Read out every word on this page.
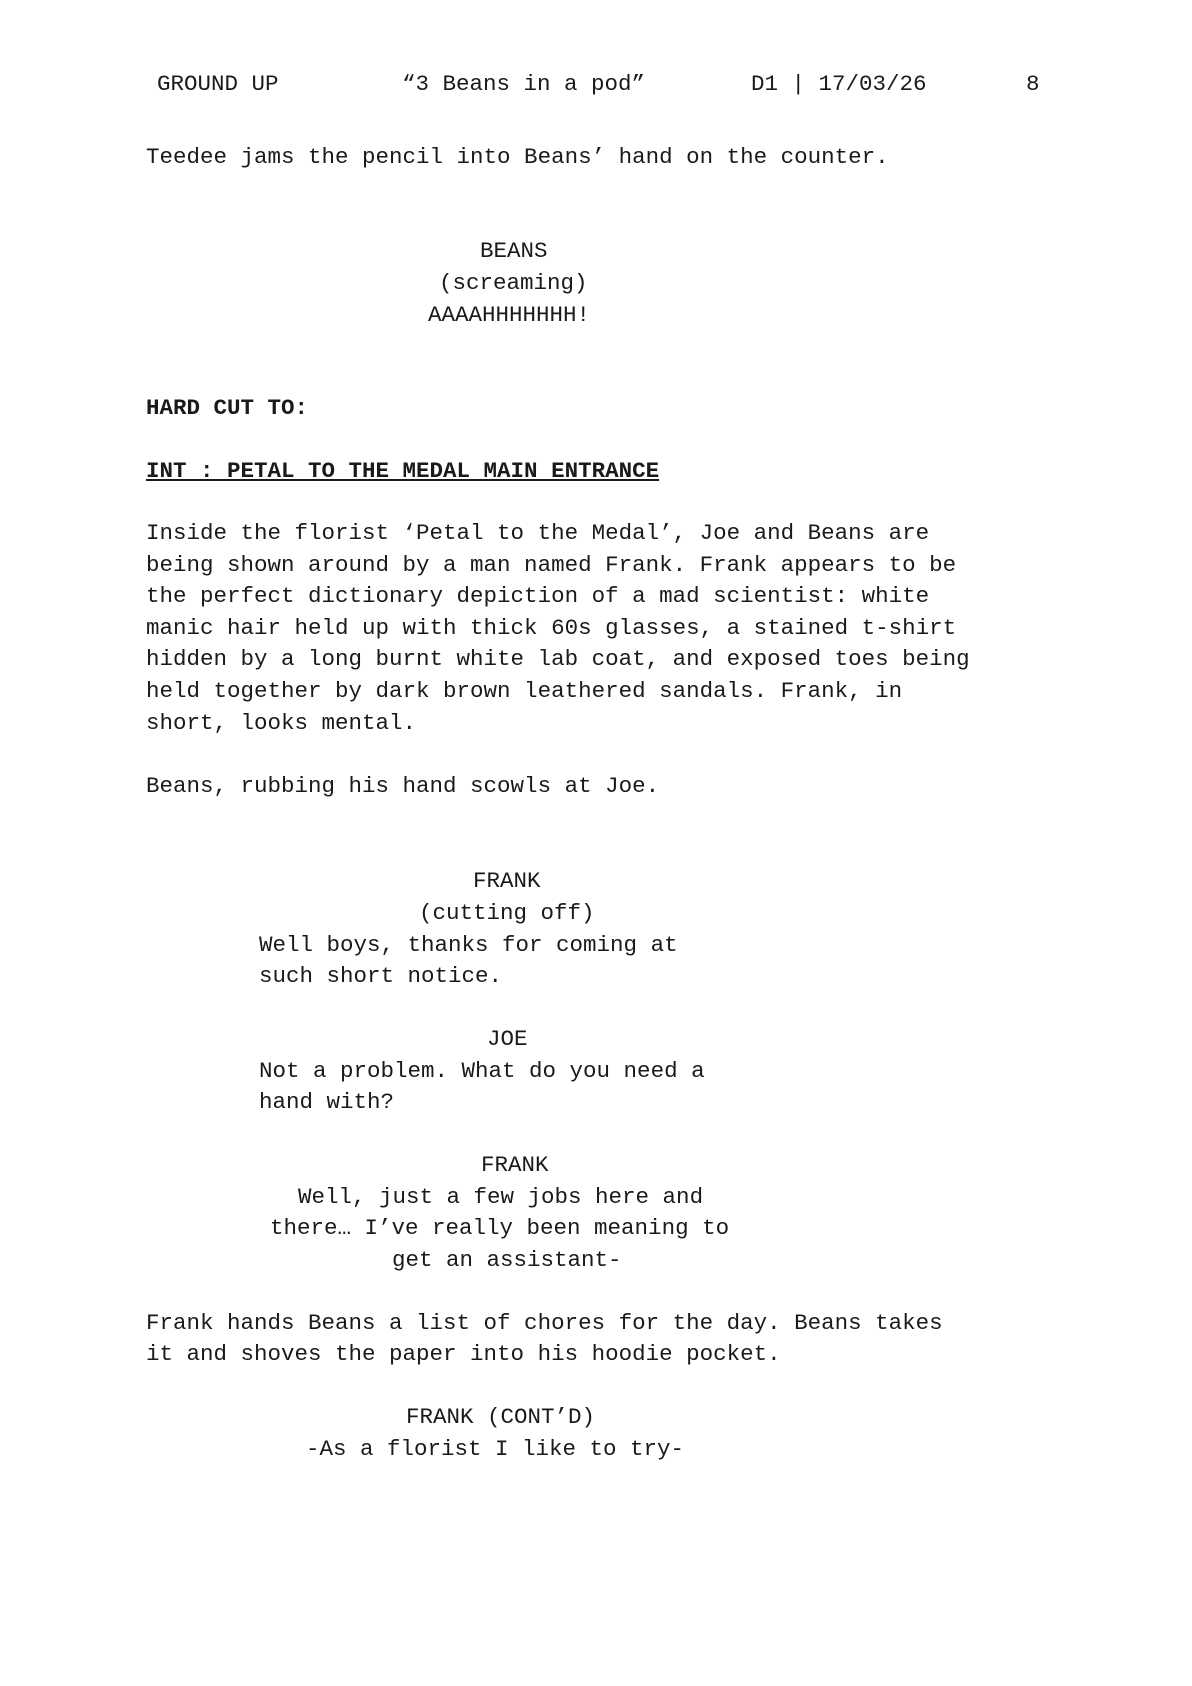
GROUND UP	“3 Beans in a pod”	D1 | 17/03/26	8
Teedee jams the pencil into Beans’ hand on the counter.
BEANS
(screaming)
AAAAHHHHHHH!
HARD CUT TO:
INT : PETAL TO THE MEDAL MAIN ENTRANCE
Inside the florist ‘Petal to the Medal’, Joe and Beans are
being shown around by a man named Frank. Frank appears to be
the perfect dictionary depiction of a mad scientist: white
manic hair held up with thick 60s glasses, a stained t-shirt
hidden by a long burnt white lab coat, and exposed toes being
held together by dark brown leathered sandals. Frank, in
short, looks mental.
Beans, rubbing his hand scowls at Joe.
FRANK
(cutting off)
Well boys, thanks for coming at
such short notice.
JOE
Not a problem. What do you need a
hand with?
FRANK
Well, just a few jobs here and
there… I’ve really been meaning to
get an assistant-
Frank hands Beans a list of chores for the day. Beans takes
it and shoves the paper into his hoodie pocket.
FRANK (CONT’D)
-As a florist I like to try-
